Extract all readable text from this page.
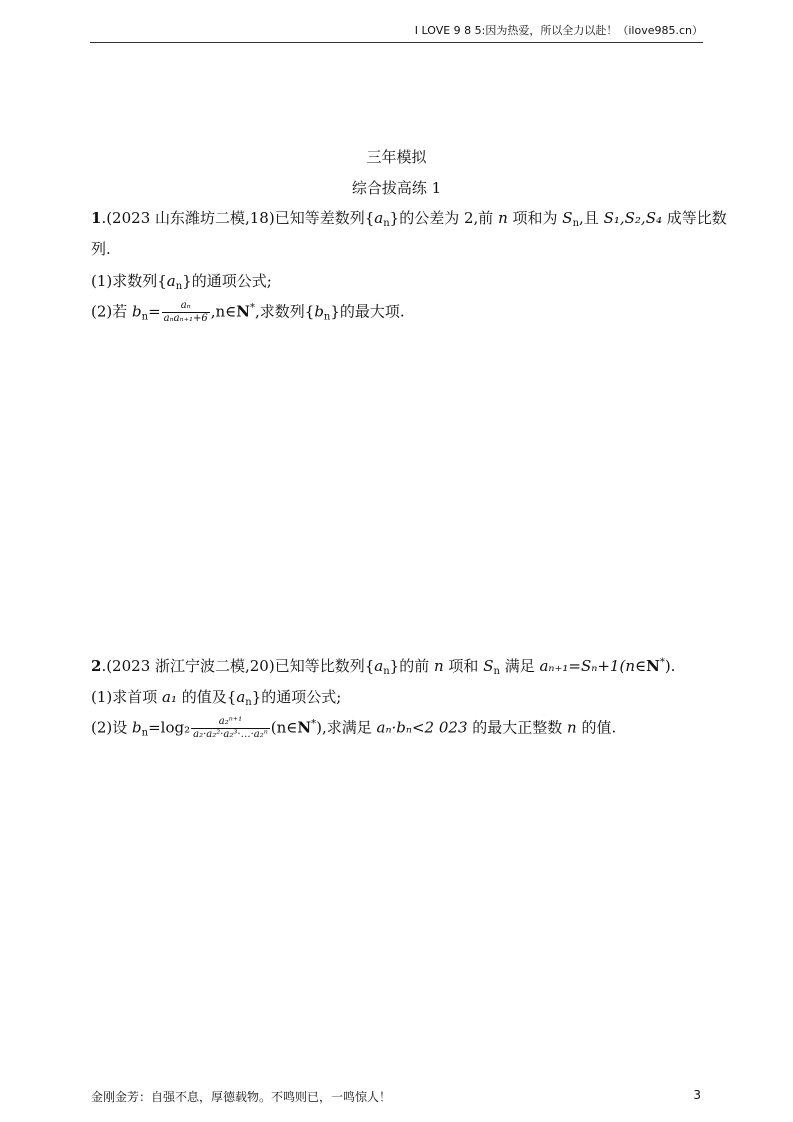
I LOVE 9 8 5:因为热爱，所以全力以赴！（ilove985.cn）
三年模拟
综合拔高练 1
1.(2023 山东潍坊二模,18)已知等差数列$\{a_n\}$的公差为 2,前 n 项和为 $S_n$,且 S₁,S₂,S₄ 成等比数
列.
(1)求数列$\{a_n\}$的通项公式;
(2)若 $b_n= \frac{\text{aₙ}}{\text{aₙaₙ₊₁+6}}$ ,n∈N*,求数列$\{b_n\}$的最大项.
2.(2023 浙江宁波二模,20)已知等比数列$\{a_n\}$的前 n 项和 $S_n$ 满足 aₙ₊₁=Sₙ+1(n∈N*).
(1)求首项 a₁ 的值及$\{a_n\}$的通项公式;
(2)设 $b_n=\log_2 \frac{\text{a₂ⁿ⁺¹}}{\text{a₂·a₂²·a₂³·…·a₂ⁿ}}$ (n∈N*),求满足 aₙ·bₙ<2 023 的最大正整数 n 的值.
金刚金芳：自强不息，厚德载物。不鸣则已，一鸣惊人！	3
